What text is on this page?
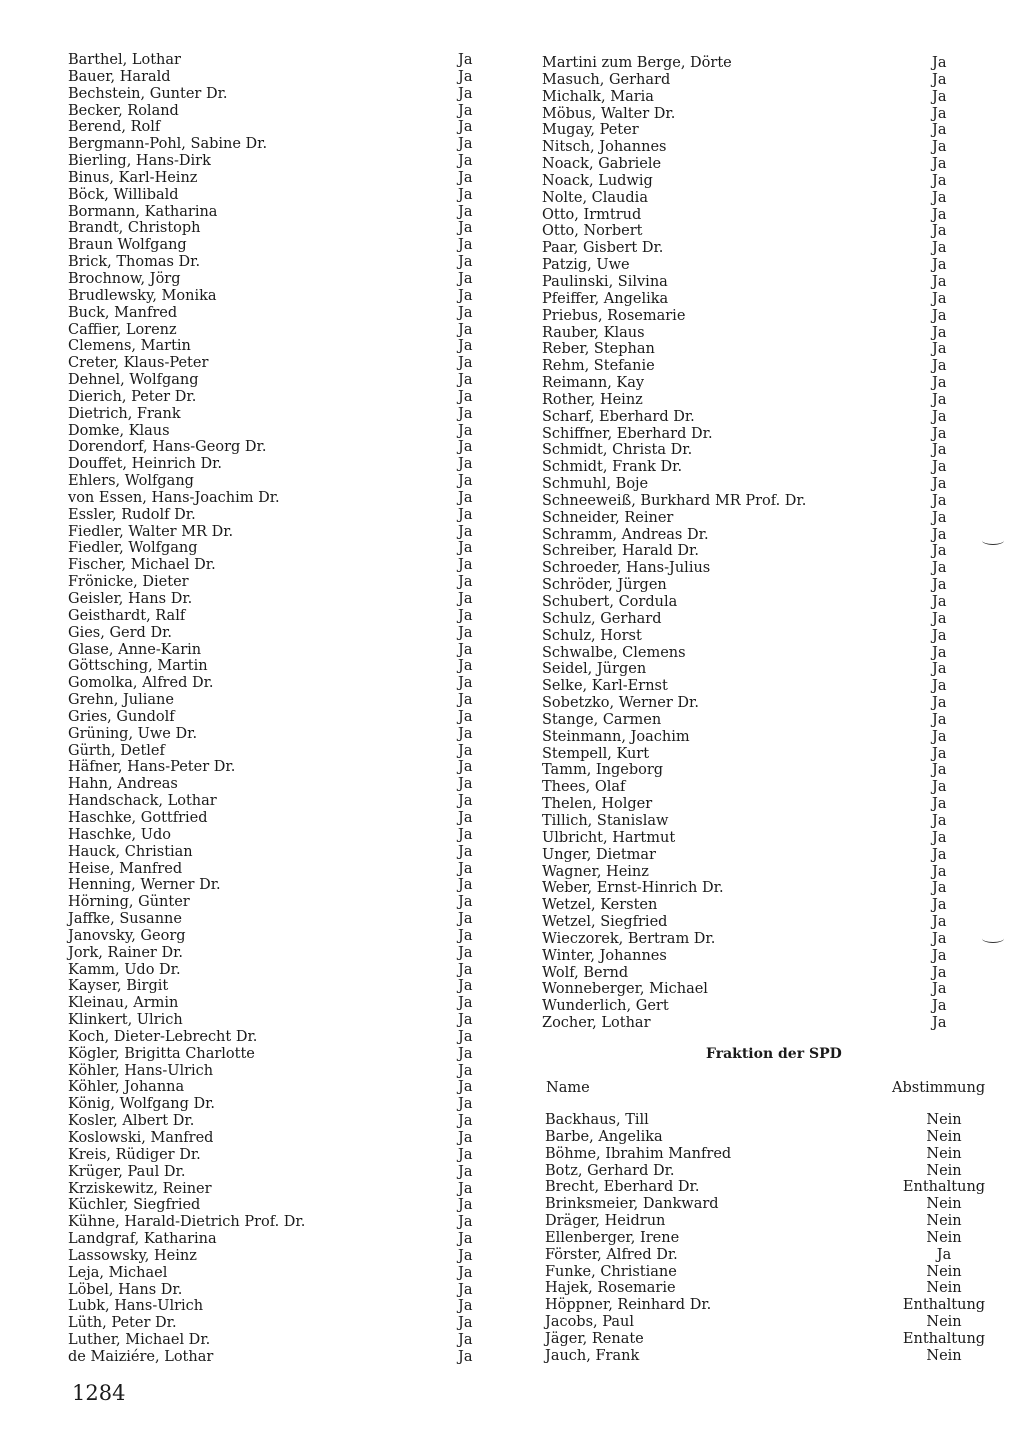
Barthel, Lothar	Ja
Bauer, Harald	Ja
Bechstein, Gunter Dr.	Ja
Becker, Roland	Ja
Berend, Rolf	Ja
Bergmann-Pohl, Sabine Dr.	Ja
Bierling, Hans-Dirk	Ja
Binus, Karl-Heinz	Ja
Böck, Willibald	Ja
Bormann, Katharina	Ja
Brandt, Christoph	Ja
Braun Wolfgang	Ja
Brick, Thomas Dr.	Ja
Brochnow, Jörg	Ja
Brudlewsky, Monika	Ja
Buck, Manfred	Ja
Caffier, Lorenz	Ja
Clemens, Martin	Ja
Creter, Klaus-Peter	Ja
Dehnel, Wolfgang	Ja
Dierich, Peter Dr.	Ja
Dietrich, Frank	Ja
Domke, Klaus	Ja
Dorendorf, Hans-Georg Dr.	Ja
Douffet, Heinrich Dr.	Ja
Ehlers, Wolfgang	Ja
von Essen, Hans-Joachim Dr.	Ja
Essler, Rudolf Dr.	Ja
Fiedler, Walter MR Dr.	Ja
Fiedler, Wolfgang	Ja
Fischer, Michael Dr.	Ja
Frönicke, Dieter	Ja
Geisler, Hans Dr.	Ja
Geisthardt, Ralf	Ja
Gies, Gerd Dr.	Ja
Glase, Anne-Karin	Ja
Göttsching, Martin	Ja
Gomolka, Alfred Dr.	Ja
Grehn, Juliane	Ja
Gries, Gundolf	Ja
Grüning, Uwe Dr.	Ja
Gürth, Detlef	Ja
Häfner, Hans-Peter Dr.	Ja
Hahn, Andreas	Ja
Handschack, Lothar	Ja
Haschke, Gottfried	Ja
Haschke, Udo	Ja
Hauck, Christian	Ja
Heise, Manfred	Ja
Henning, Werner Dr.	Ja
Hörning, Günter	Ja
Jaffke, Susanne	Ja
Janovsky, Georg	Ja
Jork, Rainer Dr.	Ja
Kamm, Udo Dr.	Ja
Kayser, Birgit	Ja
Kleinau, Armin	Ja
Klinkert, Ulrich	Ja
Koch, Dieter-Lebrecht Dr.	Ja
Kögler, Brigitta Charlotte	Ja
Köhler, Hans-Ulrich	Ja
Köhler, Johanna	Ja
König, Wolfgang Dr.	Ja
Kosler, Albert Dr.	Ja
Koslowski, Manfred	Ja
Kreis, Rüdiger Dr.	Ja
Krüger, Paul Dr.	Ja
Krziskewitz, Reiner	Ja
Küchler, Siegfried	Ja
Kühne, Harald-Dietrich Prof. Dr.	Ja
Landgraf, Katharina	Ja
Lassowsky, Heinz	Ja
Leja, Michael	Ja
Löbel, Hans Dr.	Ja
Lubk, Hans-Ulrich	Ja
Lüth, Peter Dr.	Ja
Luther, Michael Dr.	Ja
de Maiziére, Lothar	Ja
Martini zum Berge, Dörte	Ja
Masuch, Gerhard	Ja
Michalk, Maria	Ja
Möbus, Walter Dr.	Ja
Mugay, Peter	Ja
Nitsch, Johannes	Ja
Noack, Gabriele	Ja
Noack, Ludwig	Ja
Nolte, Claudia	Ja
Otto, Irmtrud	Ja
Otto, Norbert	Ja
Paar, Gisbert Dr.	Ja
Patzig, Uwe	Ja
Paulinski, Silvina	Ja
Pfeiffer, Angelika	Ja
Priebus, Rosemarie	Ja
Rauber, Klaus	Ja
Reber, Stephan	Ja
Rehm, Stefanie	Ja
Reimann, Kay	Ja
Rother, Heinz	Ja
Scharf, Eberhard Dr.	Ja
Schiffner, Eberhard Dr.	Ja
Schmidt, Christa Dr.	Ja
Schmidt, Frank Dr.	Ja
Schmuhl, Boje	Ja
Schneeweiß, Burkhard MR Prof. Dr.	Ja
Schneider, Reiner	Ja
Schramm, Andreas Dr.	Ja
Schreiber, Harald Dr.	Ja
Schroeder, Hans-Julius	Ja
Schröder, Jürgen	Ja
Schubert, Cordula	Ja
Schulz, Gerhard	Ja
Schulz, Horst	Ja
Schwalbe, Clemens	Ja
Seidel, Jürgen	Ja
Selke, Karl-Ernst	Ja
Sobetzko, Werner Dr.	Ja
Stange, Carmen	Ja
Steinmann, Joachim	Ja
Stempell, Kurt	Ja
Tamm, Ingeborg	Ja
Thees, Olaf	Ja
Thelen, Holger	Ja
Tillich, Stanislaw	Ja
Ulbricht, Hartmut	Ja
Unger, Dietmar	Ja
Wagner, Heinz	Ja
Weber, Ernst-Hinrich Dr.	Ja
Wetzel, Kersten	Ja
Wetzel, Siegfried	Ja
Wieczorek, Bertram Dr.	Ja
Winter, Johannes	Ja
Wolf, Bernd	Ja
Wonneberger, Michael	Ja
Wunderlich, Gert	Ja
Zocher, Lothar	Ja
Fraktion der SPD
Name	Abstimmung
Backhaus, Till	Nein
Barbe, Angelika	Nein
Böhme, Ibrahim Manfred	Nein
Botz, Gerhard Dr.	Nein
Brecht, Eberhard Dr.	Enthaltung
Brinksmeier, Dankward	Nein
Dräger, Heidrun	Nein
Ellenberger, Irene	Nein
Förster, Alfred Dr.	Ja
Funke, Christiane	Nein
Hajek, Rosemarie	Nein
Höppner, Reinhard Dr.	Enthaltung
Jacobs, Paul	Nein
Jäger, Renate	Enthaltung
Jauch, Frank	Nein
1284
